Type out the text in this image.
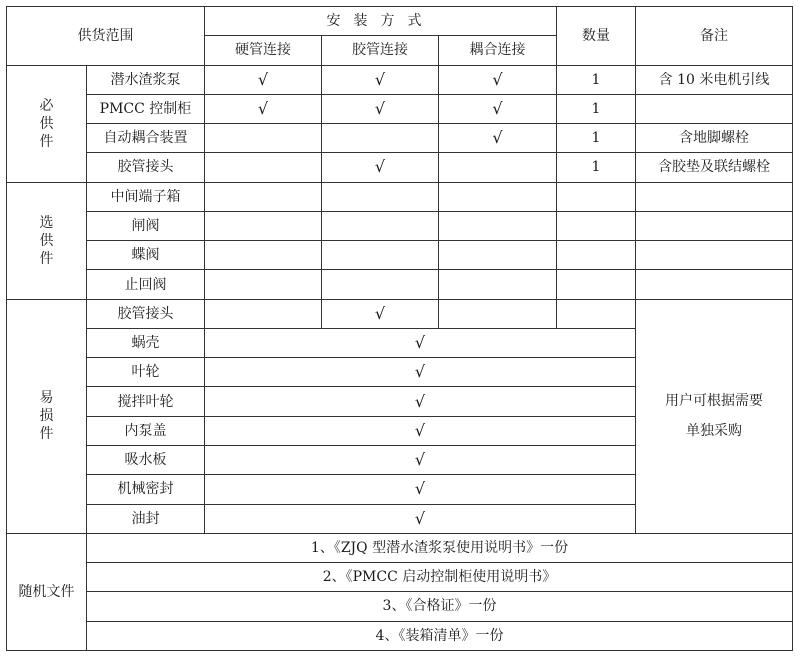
供货范围		安装方式			数量	备注
		硬管连接	胶管连接	耦合连接		

必
供
件	潜水渣浆泵	√	√	√	1	含 10 米电机引线
	PMCC 控制柜	√	√	√	1	
	自动耦合装置			√	1	含地脚螺栓
	胶管接头		√		1	含胶垫及联结螺栓

选
供
件	中间端子箱					
	闸阀					
	蝶阀					
	止回阀					

易
损
件	胶管接头		√			用户可根据需要
单独采购

	蜗壳	√				
	叶轮	√				
	搅拌叶轮	√				
	内泵盖	√				
	吸水板	√				
	机械密封	√				
	油封	√				
随机文件	1、《ZJQ 型潜水渣浆泵使用说明书》一份					
	2、《PMCC 启动控制柜使用说明书》					
	3、《合格证》一份					
	4、《装箱清单》一份					
